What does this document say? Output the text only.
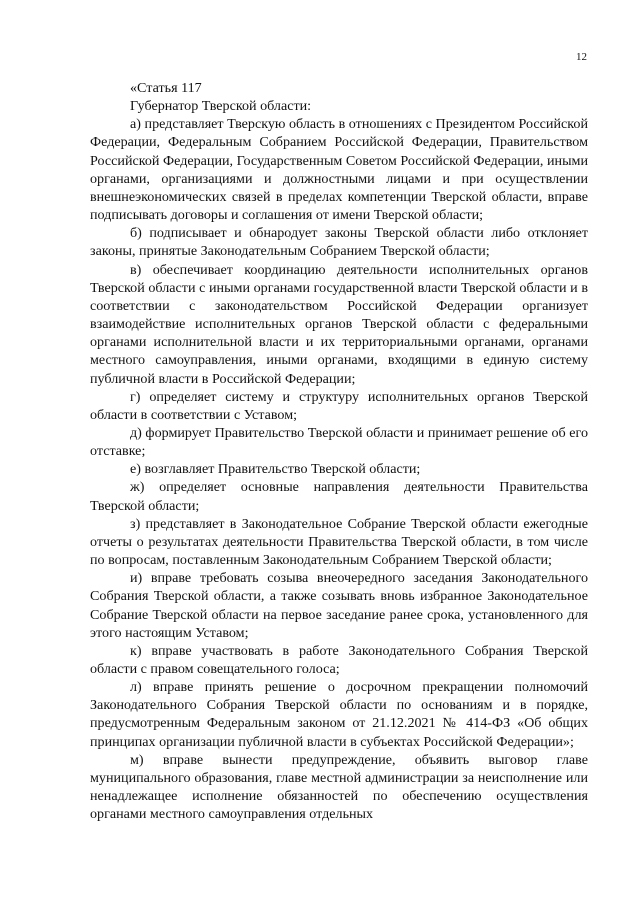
12

«Статья 117

Губернатор Тверской области:

а) представляет Тверскую область в отношениях с Президентом Российской Федерации, Федеральным Собранием Российской Федерации, Правительством Российской Федерации, Государственным Советом Российской Федерации, иными органами, организациями и должностными лицами и при осуществлении внешнеэкономических связей в пределах компетенции Тверской области, вправе подписывать договоры и соглашения от имени Тверской области;

б) подписывает и обнародует законы Тверской области либо отклоняет законы, принятые Законодательным Собранием Тверской области;

в) обеспечивает координацию деятельности исполнительных органов Тверской области с иными органами государственной власти Тверской области и в соответствии с законодательством Российской Федерации организует взаимодействие исполнительных органов Тверской области с федеральными органами исполнительной власти и их территориальными органами, органами местного самоуправления, иными органами, входящими в единую систему публичной власти в Российской Федерации;

г) определяет систему и структуру исполнительных органов Тверской области в соответствии с Уставом;

д) формирует Правительство Тверской области и принимает решение об его отставке;

е) возглавляет Правительство Тверской области;

ж) определяет основные направления деятельности Правительства Тверской области;

з) представляет в Законодательное Собрание Тверской области ежегодные отчеты о результатах деятельности Правительства Тверской области, в том числе по вопросам, поставленным Законодательным Собранием Тверской области;

и) вправе требовать созыва внеочередного заседания Законодательного Собрания Тверской области, а также созывать вновь избранное Законодательное Собрание Тверской области на первое заседание ранее срока, установленного для этого настоящим Уставом;

к) вправе участвовать в работе Законодательного Собрания Тверской области с правом совещательного голоса;

л) вправе принять решение о досрочном прекращении полномочий Законодательного Собрания Тверской области по основаниям и в порядке, предусмотренным Федеральным законом от 21.12.2021 № 414-ФЗ «Об общих принципах организации публичной власти в субъектах Российской Федерации»;

м) вправе вынести предупреждение, объявить выговор главе муниципального образования, главе местной администрации за неисполнение или ненадлежащее исполнение обязанностей по обеспечению осуществления органами местного самоуправления отдельных
